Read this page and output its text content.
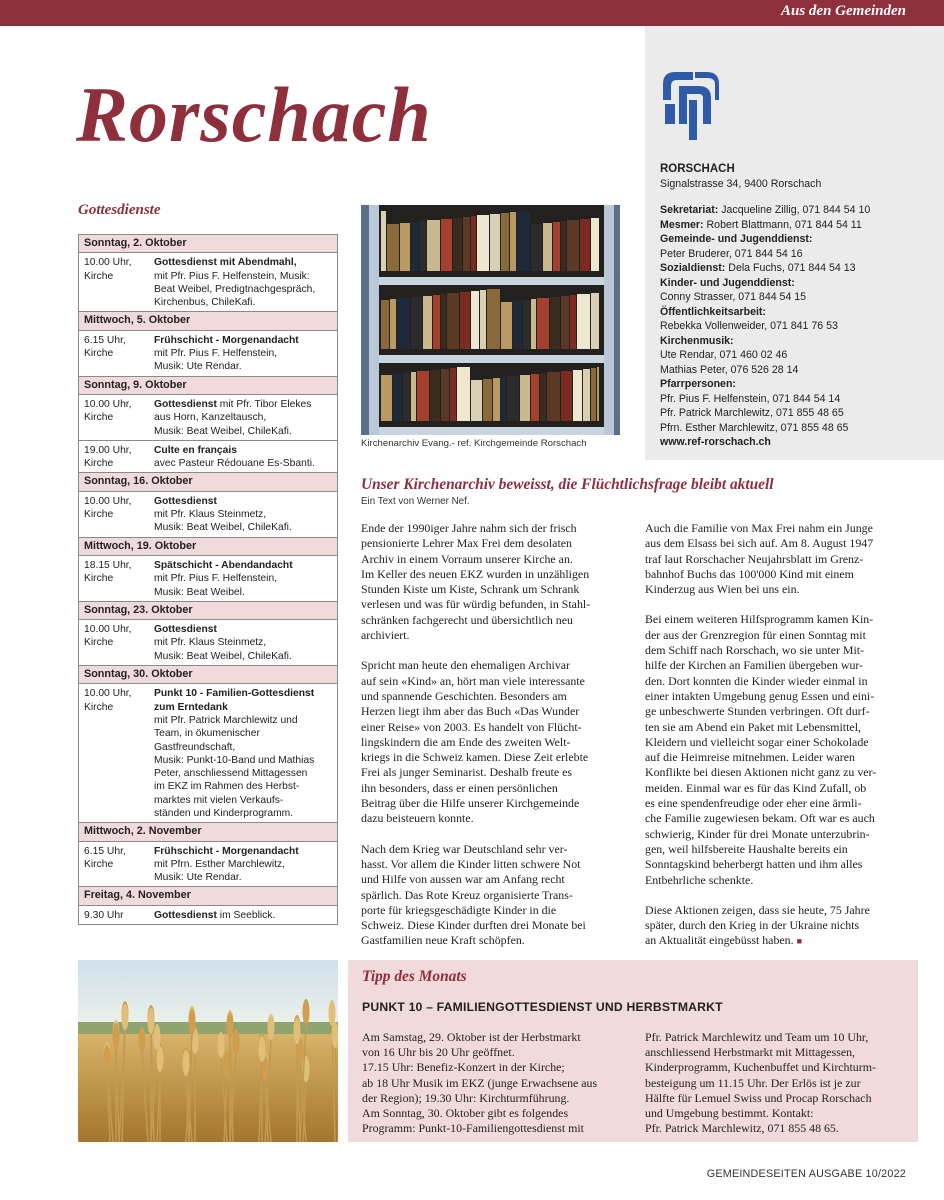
Aus den Gemeinden
Rorschach
RORSCHACH
Signalstrasse 34, 9400 Rorschach
Sekretariat: Jacqueline Zillig, 071 844 54 10
Mesmer: Robert Blattmann, 071 844 54 11
Gemeinde- und Jugenddienst:
Peter Bruderer, 071 844 54 16
Sozialdienst: Dela Fuchs, 071 844 54 13
Kinder- und Jugenddienst:
Conny Strasser, 071 844 54 15
Öffentlichkeitsarbeit:
Rebekka Vollenweider, 071 841 76 53
Kirchenmusik:
Ute Rendar, 071 460 02 46
Mathias Peter, 076 526 28 14
Pfarrpersonen:
Pfr. Pius F. Helfenstein, 071 844 54 14
Pfr. Patrick Marchlewitz, 071 855 48 65
Pfrn. Esther Marchlewitz, 071 855 48 65
www.ref-rorschach.ch
Gottesdienste
Sonntag, 2. Oktober
10.00 Uhr,
Kirche
Gottesdienst mit Abendmahl,
mit Pfr. Pius F. Helfenstein, Musik:
Beat Weibel, Predigtnachgespräch,
Kirchenbus, ChileKafi.
Mittwoch, 5. Oktober
6.15 Uhr,
Kirche
Frühschicht - Morgenandacht
mit Pfr. Pius F. Helfenstein,
Musik: Ute Rendar.
Sonntag, 9. Oktober
10.00 Uhr,
Kirche
Gottesdienst mit Pfr. Tibor Elekes
aus Horn, Kanzeltausch,
Musik: Beat Weibel, ChileKafi.
19.00 Uhr,
Kirche
Culte en français
avec Pasteur Rédouane Es-Sbanti.
Sonntag, 16. Oktober
10.00 Uhr,
Kirche
Gottesdienst
mit Pfr. Klaus Steinmetz,
Musik: Beat Weibel, ChileKafi.
Mittwoch, 19. Oktober
18.15 Uhr,
Kirche
Spätschicht - Abendandacht
mit Pfr. Pius F. Helfenstein,
Musik: Beat Weibel.
Sonntag, 23. Oktober
10.00 Uhr,
Kirche
Gottesdienst
mit Pfr. Klaus Steinmetz,
Musik: Beat Weibel, ChileKafi.
Sonntag, 30. Oktober
10.00 Uhr,
Kirche
Punkt 10 - Familien-Gottesdienst zum Erntedank
mit Pfr. Patrick Marchlewitz und
Team, in ökumenischer
Gastfreundschaft,
Musik: Punkt-10-Band und Mathias
Peter, anschliessend Mittagessen
im EKZ im Rahmen des Herbst-
marktes mit vielen Verkaufs-
ständen und Kinderprogramm.
Mittwoch, 2. November
6.15 Uhr,
Kirche
Frühschicht - Morgenandacht
mit Pfrn. Esther Marchlewitz,
Musik: Ute Rendar.
Freitag, 4. November
9.30 Uhr	Gottesdienst im Seeblick.
Kirchenarchiv Evang.- ref. Kirchgemeinde Rorschach
Unser Kirchenarchiv beweisst, die Flüchtlichsfrage bleibt aktuell
Ein Text von Werner Nef.

Ende der 1990iger Jahre nahm sich der frisch
pensionierte Lehrer Max Frei dem desolaten
Archiv in einem Vorraum unserer Kirche an.
Im Keller des neuen EKZ wurden in unzähligen
Stunden Kiste um Kiste, Schrank um Schrank
verlesen und was für würdig befunden, in Stahl-
schränken fachgerecht und übersichtlich neu
archiviert.

Spricht man heute den ehemaligen Archivar
auf sein «Kind» an, hört man viele interessante
und spannende Geschichten. Besonders am
Herzen liegt ihm aber das Buch «Das Wunder
einer Reise» von 2003. Es handelt von Flücht-
lingskindern die am Ende des zweiten Welt-
kriegs in die Schweiz kamen. Diese Zeit erlebte
Frei als junger Seminarist. Deshalb freute es
ihn besonders, dass er einen persönlichen
Beitrag über die Hilfe unserer Kirchgemeinde
dazu beisteuern konnte.

Nach dem Krieg war Deutschland sehr ver-
hasst. Vor allem die Kinder litten schwere Not
und Hilfe von aussen war am Anfang recht
spärlich. Das Rote Kreuz organisierte Trans-
porte für kriegsgeschädigte Kinder in die
Schweiz. Diese Kinder durften drei Monate bei
Gastfamilien neue Kraft schöpfen.

Auch die Familie von Max Frei nahm ein Junge
aus dem Elsass bei sich auf. Am 8. August 1947
traf laut Rorschacher Neujahrsblatt im Grenz-
bahnhof Buchs das 100'000 Kind mit einem
Kinderzug aus Wien bei uns ein.

Bei einem weiteren Hilfsprogramm kamen Kin-
der aus der Grenzregion für einen Sonntag mit
dem Schiff nach Rorschach, wo sie unter Mit-
hilfe der Kirchen an Familien übergeben wur-
den. Dort konnten die Kinder wieder einmal in
einer intakten Umgebung genug Essen und eini-
ge unbeschwerte Stunden verbringen. Oft durf-
ten sie am Abend ein Paket mit Lebensmittel,
Kleidern und vielleicht sogar einer Schokolade
auf die Heimreise mitnehmen. Leider waren
Konflikte bei diesen Aktionen nicht ganz zu ver-
meiden. Einmal war es für das Kind Zufall, ob
es eine spendenfreudige oder eher eine ärmli-
che Familie zugewiesen bekam. Oft war es auch
schwierig, Kinder für drei Monate unterzubrin-
gen, weil hilfsbereite Haushalte bereits ein
Sonntagskind beherbergt hatten und ihm alles
Entbehrliche schenkte.

Diese Aktionen zeigen, dass sie heute, 75 Jahre
später, durch den Krieg in der Ukraine nichts
an Aktualität eingebüsst haben. ■

Tipp des Monats
PUNKT 10 – FAMILIENGOTTESDIENST UND HERBSTMARKT
Am Samstag, 29. Oktober ist der Herbstmarkt
von 16 Uhr bis 20 Uhr geöffnet.
17.15 Uhr: Benefiz-Konzert in der Kirche;
ab 18 Uhr Musik im EKZ (junge Erwachsene aus
der Region); 19.30 Uhr: Kirchturmführung.
Am Sonntag, 30. Oktober gibt es folgendes
Programm: Punkt-10-Familiengottesdienst mit
Pfr. Patrick Marchlewitz und Team um 10 Uhr,
anschliessend Herbstmarkt mit Mittagessen,
Kinderprogramm, Kuchenbuffet und Kirchturm-
besteigung um 11.15 Uhr. Der Erlös ist je zur
Hälfte für Lemuel Swiss und Procap Rorschach
und Umgebung bestimmt. Kontakt:
Pfr. Patrick Marchlewitz, 071 855 48 65.
GEMEINDESEITEN AUSGABE 10/2022
